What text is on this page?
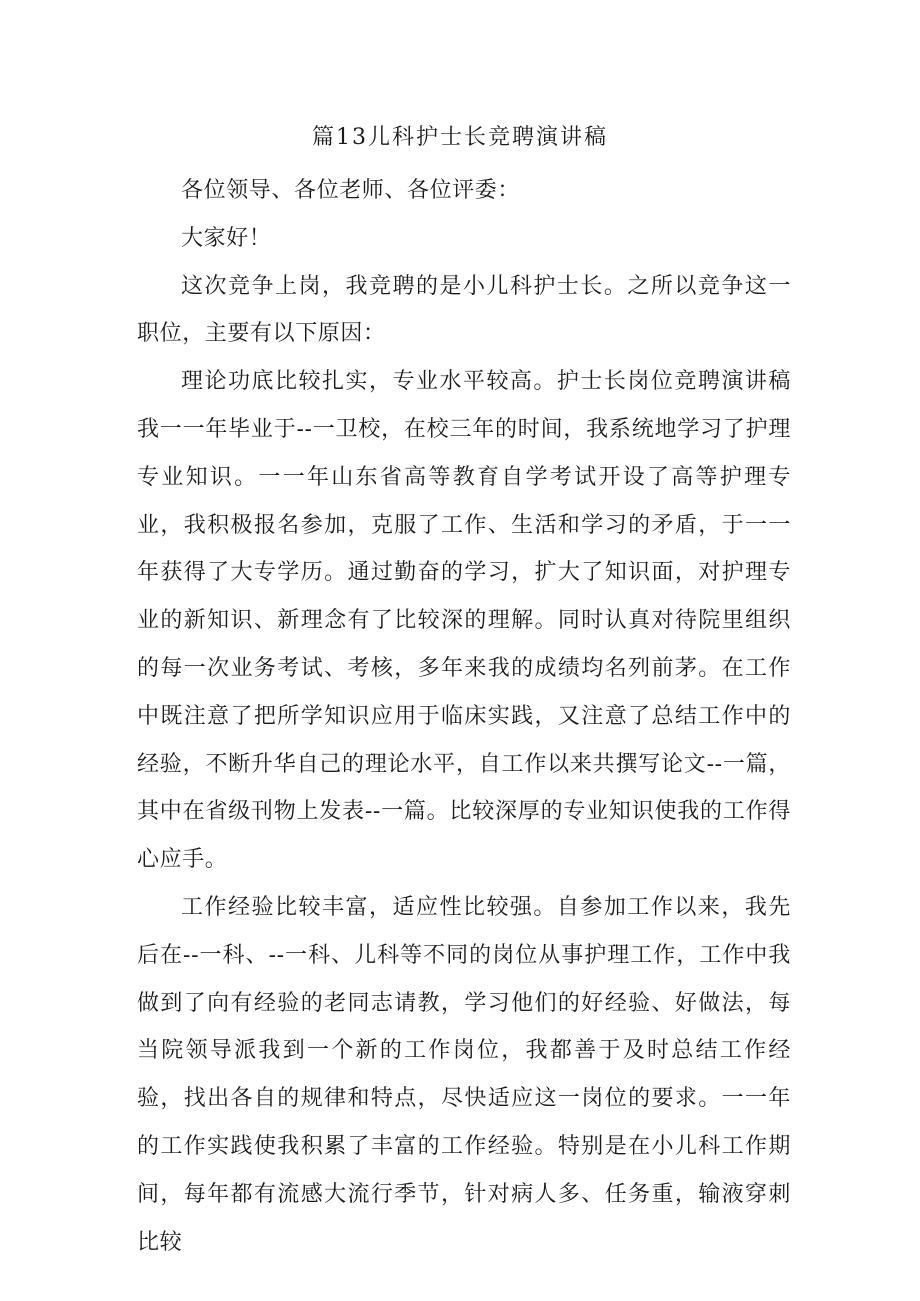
篇13儿科护士长竞聘演讲稿

各位领导、各位老师、各位评委：

大家好！

这次竞争上岗，我竞聘的是小儿科护士长。之所以竞争这一职位，主要有以下原因：

理论功底比较扎实，专业水平较高。护士长岗位竞聘演讲稿我一一年毕业于--一卫校，在校三年的时间，我系统地学习了护理专业知识。一一年山东省高等教育自学考试开设了高等护理专业，我积极报名参加，克服了工作、生活和学习的矛盾，于一一年获得了大专学历。通过勤奋的学习，扩大了知识面，对护理专业的新知识、新理念有了比较深的理解。同时认真对待院里组织的每一次业务考试、考核，多年来我的成绩均名列前茅。在工作中既注意了把所学知识应用于临床实践，又注意了总结工作中的经验，不断升华自己的理论水平，自工作以来共撰写论文--一篇，其中在省级刊物上发表--一篇。比较深厚的专业知识使我的工作得心应手。

工作经验比较丰富，适应性比较强。自参加工作以来，我先后在--一科、--一科、儿科等不同的岗位从事护理工作，工作中我做到了向有经验的老同志请教，学习他们的好经验、好做法，每当院领导派我到一个新的工作岗位，我都善于及时总结工作经验，找出各自的规律和特点，尽快适应这一岗位的要求。一一年的工作实践使我积累了丰富的工作经验。特别是在小儿科工作期间，每年都有流感大流行季节，针对病人多、任务重，输液穿刺比较
